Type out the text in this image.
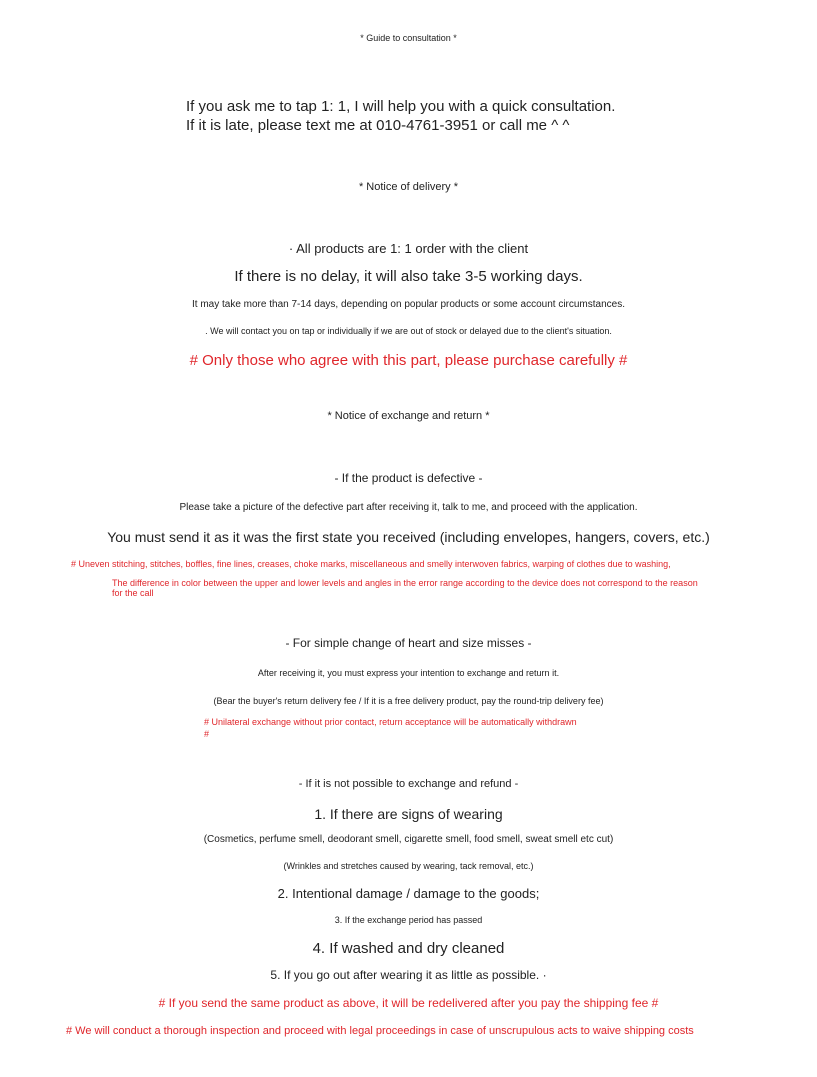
* Guide to consultation *
If you ask me to tap 1: 1, I will help you with a quick consultation.
If it is late, please text me at 010-4761-3951 or call me ^ ^
* Notice of delivery *
· All products are 1: 1 order with the client
If there is no delay, it will also take 3-5 working days.
It may take more than 7-14 days, depending on popular products or some account circumstances.
. We will contact you on tap or individually if we are out of stock or delayed due to the client's situation.
# Only those who agree with this part, please purchase carefully #
* Notice of exchange and return *
- If the product is defective -
Please take a picture of the defective part after receiving it, talk to me, and proceed with the application.
You must send it as it was the first state you received (including envelopes, hangers, covers, etc.)
# Uneven stitching, stitches, boffles, fine lines, creases, choke marks, miscellaneous and smelly interwoven fabrics, warping of clothes due to washing,
The difference in color between the upper and lower levels and angles in the error range according to the device does not correspond to the reason for the call
- For simple change of heart and size misses -
After receiving it, you must express your intention to exchange and return it.
(Bear the buyer's return delivery fee / If it is a free delivery product, pay the round-trip delivery fee)
# Unilateral exchange without prior contact, return acceptance will be automatically withdrawn
#
- If it is not possible to exchange and refund -
1. If there are signs of wearing
(Cosmetics, perfume smell, deodorant smell, cigarette smell, food smell, sweat smell etc cut)
(Wrinkles and stretches caused by wearing, tack removal, etc.)
2. Intentional damage / damage to the goods;
3. If the exchange period has passed
4. If washed and dry cleaned
5. If you go out after wearing it as little as possible. ·
# If you send the same product as above, it will be redelivered after you pay the shipping fee #
# We will conduct a thorough inspection and proceed with legal proceedings in case of unscrupulous acts to waive shipping costs
